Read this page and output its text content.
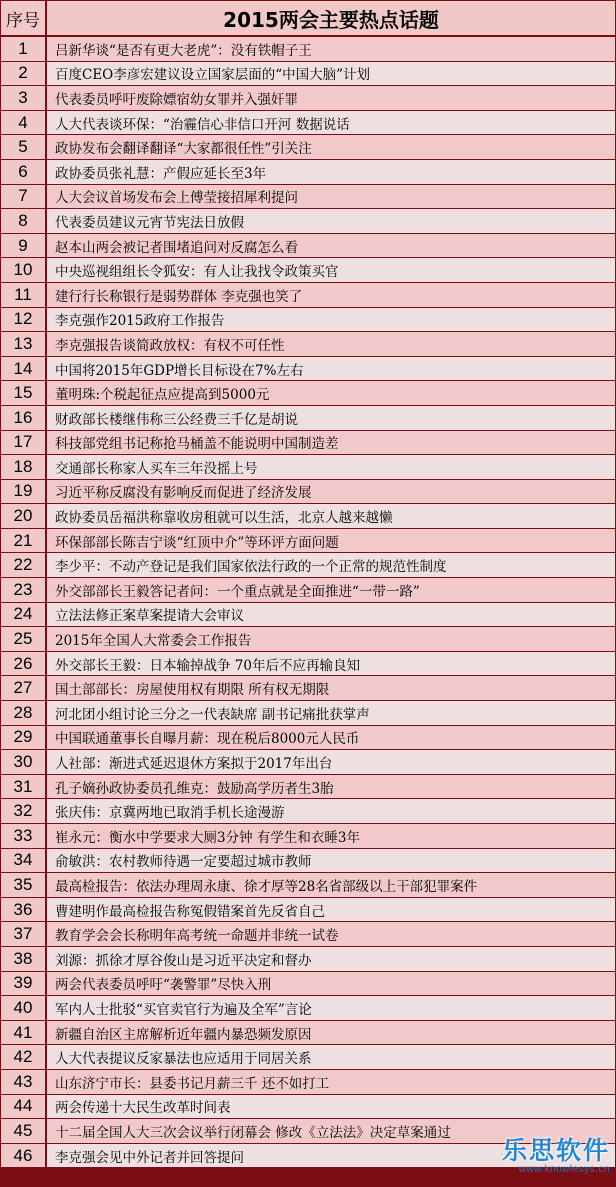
序号	2015两会主要热点话题
1	吕新华谈“是否有更大老虎”：没有铁帽子王
2	百度CEO李彦宏建议设立国家层面的“中国大脑”计划
3	代表委员呼吁废除嫖宿幼女罪并入强奸罪
4	人大代表谈环保：“治霾信心非信口开河 数据说话
5	政协发布会翻译翻译“大家都很任性”引关注
6	政协委员张礼慧：产假应延长至3年
7	人大会议首场发布会上傅莹接招犀利提问
8	代表委员建议元宵节宪法日放假
9	赵本山两会被记者围堵追问对反腐怎么看
10	中央巡视组组长令狐安：有人让我找令政策买官
11	建行行长称银行是弱势群体 李克强也笑了
12	李克强作2015政府工作报告
13	李克强报告谈简政放权：有权不可任性
14	中国将2015年GDP增长目标设在7%左右
15	董明珠:个税起征点应提高到5000元
16	财政部长楼继伟称三公经费三千亿是胡说
17	科技部党组书记称抢马桶盖不能说明中国制造差
18	交通部长称家人买车三年没摇上号
19	习近平称反腐没有影响反而促进了经济发展
20	政协委员岳福洪称靠收房租就可以生活，北京人越来越懒
21	环保部部长陈吉宁谈“红顶中介”等环评方面问题
22	李少平：不动产登记是我们国家依法行政的一个正常的规范性制度
23	外交部部长王毅答记者问：一个重点就是全面推进“一带一路”
24	立法法修正案草案提请大会审议
25	2015年全国人大常委会工作报告
26	外交部长王毅：日本输掉战争 70年后不应再输良知
27	国土部部长：房屋使用权有期限 所有权无期限
28	河北团小组讨论三分之一代表缺席 副书记痛批获掌声
29	中国联通董事长自曝月薪：现在税后8000元人民币
30	人社部：渐进式延迟退休方案拟于2017年出台
31	孔子嫡孙政协委员孔维克：鼓励高学历者生3胎
32	张庆伟：京冀两地已取消手机长途漫游
33	崔永元：衡水中学要求大厕3分钟 有学生和衣睡3年
34	俞敏洪：农村教师待遇一定要超过城市教师
35	最高检报告：依法办理周永康、徐才厚等28名省部级以上干部犯罪案件
36	曹建明作最高检报告称冤假错案首先反省自己
37	教育学会会长称明年高考统一命题并非统一试卷
38	刘源：抓徐才厚谷俊山是习近平决定和督办
39	两会代表委员呼吁“袭警罪”尽快入刑
40	军内人士批驳“买官卖官行为遍及全军”言论
41	新疆自治区主席解析近年疆内暴恐频发原因
42	人大代表提议反家暴法也应适用于同居关系
43	山东济宁市长：县委书记月薪三千 还不如打工
44	两会传递十大民生改革时间表
45	十二届全国人大三次会议举行闭幕会 修改《立法法》决定草案通过
46	李克强会见中外记者并回答提问	乐思软件
www.knowlesys.cn
